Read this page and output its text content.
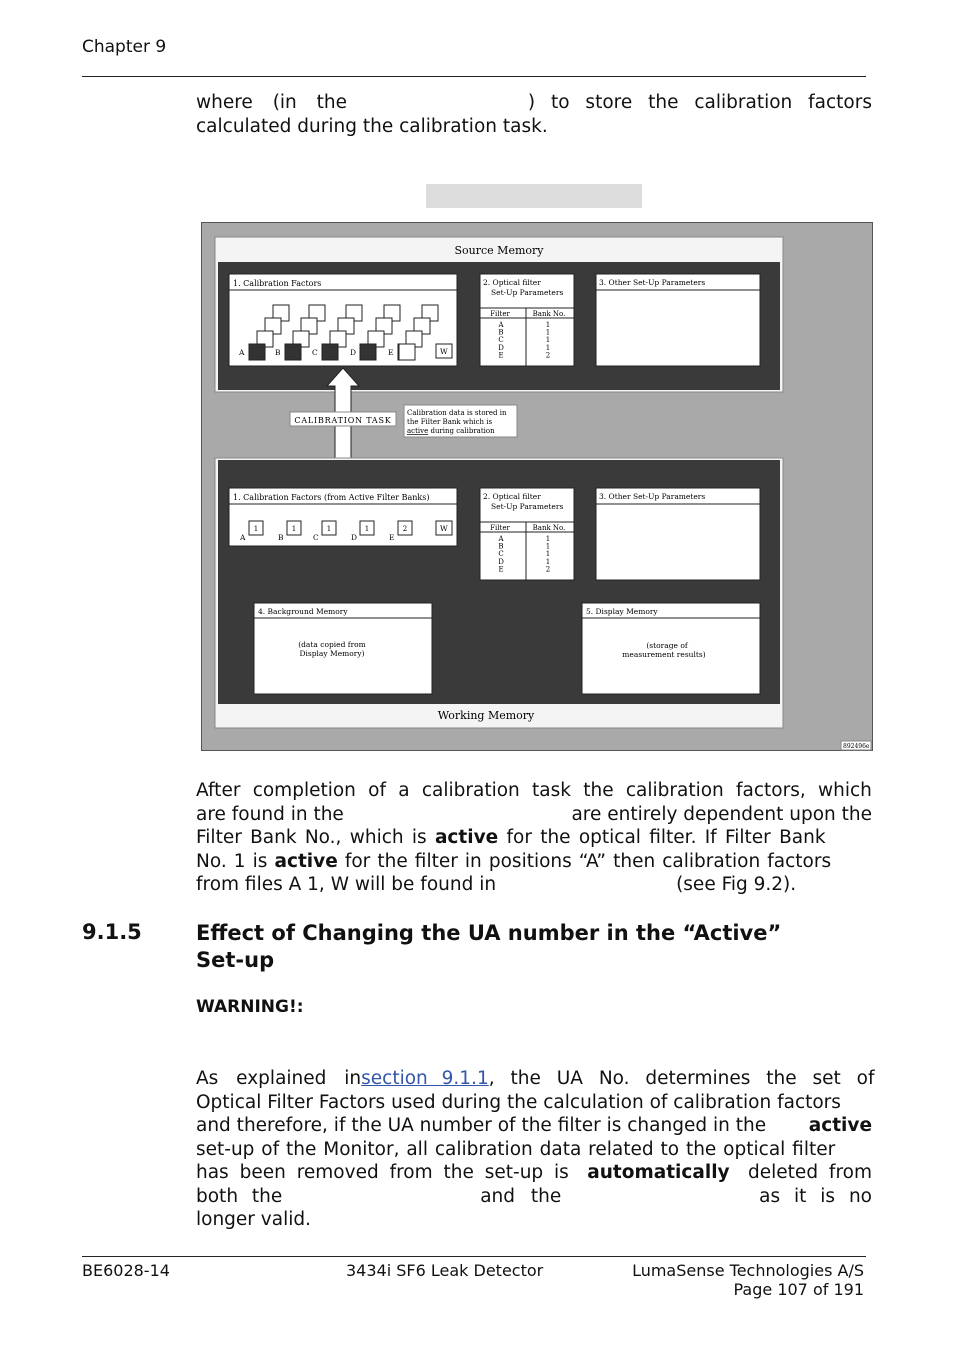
Chapter 9
where (in the	) to store the calibration factors
calculated during the calibration task.
Source Memory
1. Calibration Factors
A	B	C	D	E	W
2. Optical filter
Set-Up Parameters
Filter	Bank No.
A	1
B	1
C	1
D	1
E	2
3. Other Set-Up Parameters
CALIBRATION TASK
Calibration data is stored in
the Filter Bank which is
active during calibration
Working Memory
1. Calibration Factors (from Active Filter Banks)
1
A
1
B
1
C
1
D
2
E
W
2. Optical filter
Set-Up Parameters
Filter	Bank No.
A	1
B	1
C	1
D	1
E	2
3. Other Set-Up Parameters
4. Background Memory
(data copied from
Display Memory)
5. Display Memory
(storage of
measurement results)
892496e
After completion of a calibration task the calibration factors, which
are found in the	are entirely dependent upon the
Filter Bank No., which is active for the optical filter. If Filter Bank
No. 1 is active for the filter in positions “A” then calibration factors
from files A 1, W will be found in	(see Fig 9.2).
9.1.5	Effect of Changing the UA number in the “Active”
Set-up
WARNING!:
As explained in section 9.1.1, the UA No. determines the set of
Optical Filter Factors used during the calculation of calibration factors
and therefore, if the UA number of the filter is changed in the active
set-up of the Monitor, all calibration data related to the optical filter
has been removed from the set-up is automatically deleted from
both the	and the	as it is no
longer valid.
BE6028-14	3434i SF6 Leak Detector	LumaSense Technologies A/S
Page 107 of 191
